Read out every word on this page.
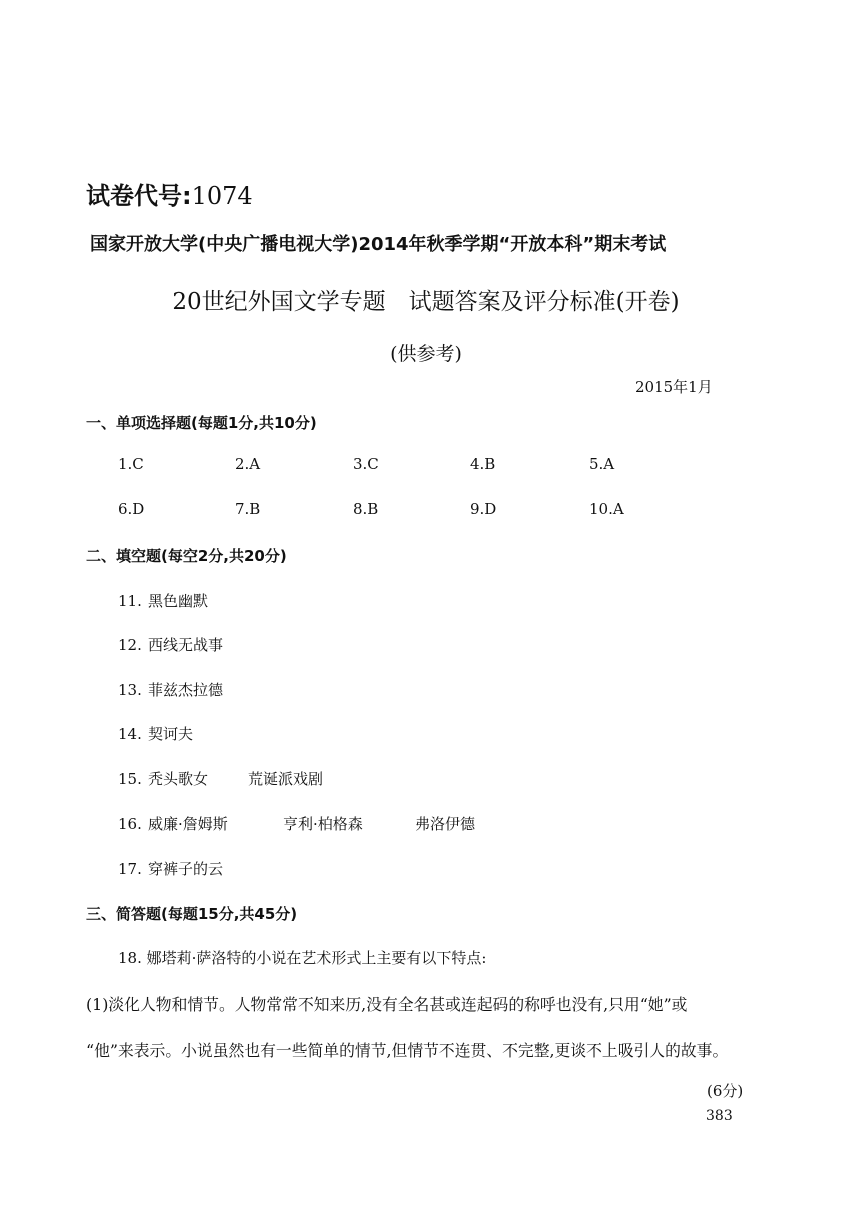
试卷代号:1074
国家开放大学(中央广播电视大学)2014年秋季学期“开放本科”期末考试
20世纪外国文学专题　试题答案及评分标准(开卷)
(供参考)
2015年1月
一、单项选择题(每题1分,共10分)
1.C	2.A	3.C	4.B	5.A
6.D	7.B	8.B	9.D	10.A
二、填空题(每空2分,共20分)
11. 黑色幽默
12. 西线无战事
13. 菲兹杰拉德
14. 契诃夫
15. 秃头歌女	荒诞派戏剧
16. 威廉·詹姆斯	亨利·柏格森	弗洛伊德
17. 穿裤子的云
三、简答题(每题15分,共45分)
18. 娜塔莉·萨洛特的小说在艺术形式上主要有以下特点:
(1)淡化人物和情节。人物常常不知来历,没有全名甚或连起码的称呼也没有,只用“她”或
“他”来表示。小说虽然也有一些简单的情节,但情节不连贯、不完整,更谈不上吸引人的故事。
(6分)
383
